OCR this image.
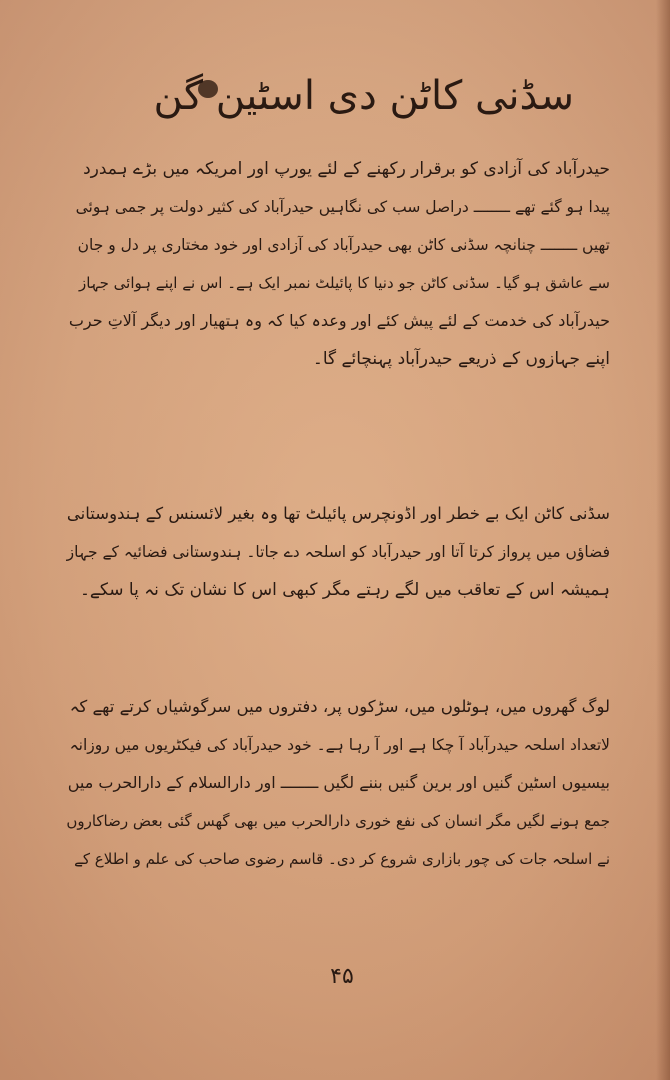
سڈنی کاٹن دی اسٹین گن
حیدرآباد کی آزادی کو برقرار رکھنے کے لئے یورپ اور امریکہ میں بڑے ہمدرد
پیدا ہو گئے تھے ــــــــ دراصل سب کی نگاہیں حیدرآباد کی کثیر دولت پر جمی ہوئی
تھیں ــــــــ چنانچہ سڈنی کاٹن بھی حیدرآباد کی آزادی اور خود مختاری پر دل و جان
سے عاشق ہو گیا۔ سڈنی کاٹن جو دنیا کا پائیلٹ نمبر ایک ہے۔ اس نے اپنے ہوائی جہاز
حیدرآباد کی خدمت کے لئے پیش کئے اور وعدہ کیا کہ وہ ہتھیار اور دیگر آلاتِ حرب
اپنے جہازوں کے ذریعے حیدرآباد پہنچائے گا۔
سڈنی کاٹن ایک بے خطر اور اڈونچرس پائیلٹ تھا وہ بغیر لائسنس کے ہندوستانی
فضاؤں میں پرواز کرتا آتا اور حیدرآباد کو اسلحہ دے جاتا۔ ہندوستانی فضائیہ کے جہاز
ہمیشہ اس کے تعاقب میں لگے رہتے مگر کبھی اس کا نشان تک نہ پا سکے۔
لوگ گھروں میں، ہوٹلوں میں، سڑکوں پر، دفتروں میں سرگوشیاں کرتے تھے کہ
لاتعداد اسلحہ حیدرآباد آ چکا ہے اور آ رہا ہے۔ خود حیدرآباد کی فیکٹریوں میں روزانہ
بیسیوں اسٹین گنیں اور برین گنیں بننے لگیں ــــــــ اور دارالسلام کے دارالحرب میں
جمع ہونے لگیں مگر انسان کی نفع خوری دارالحرب میں بھی گھس گئی بعض رضاکاروں
نے اسلحہ جات کی چور بازاری شروع کر دی۔ قاسم رضوی صاحب کی علم و اطلاع کے
۴۵
